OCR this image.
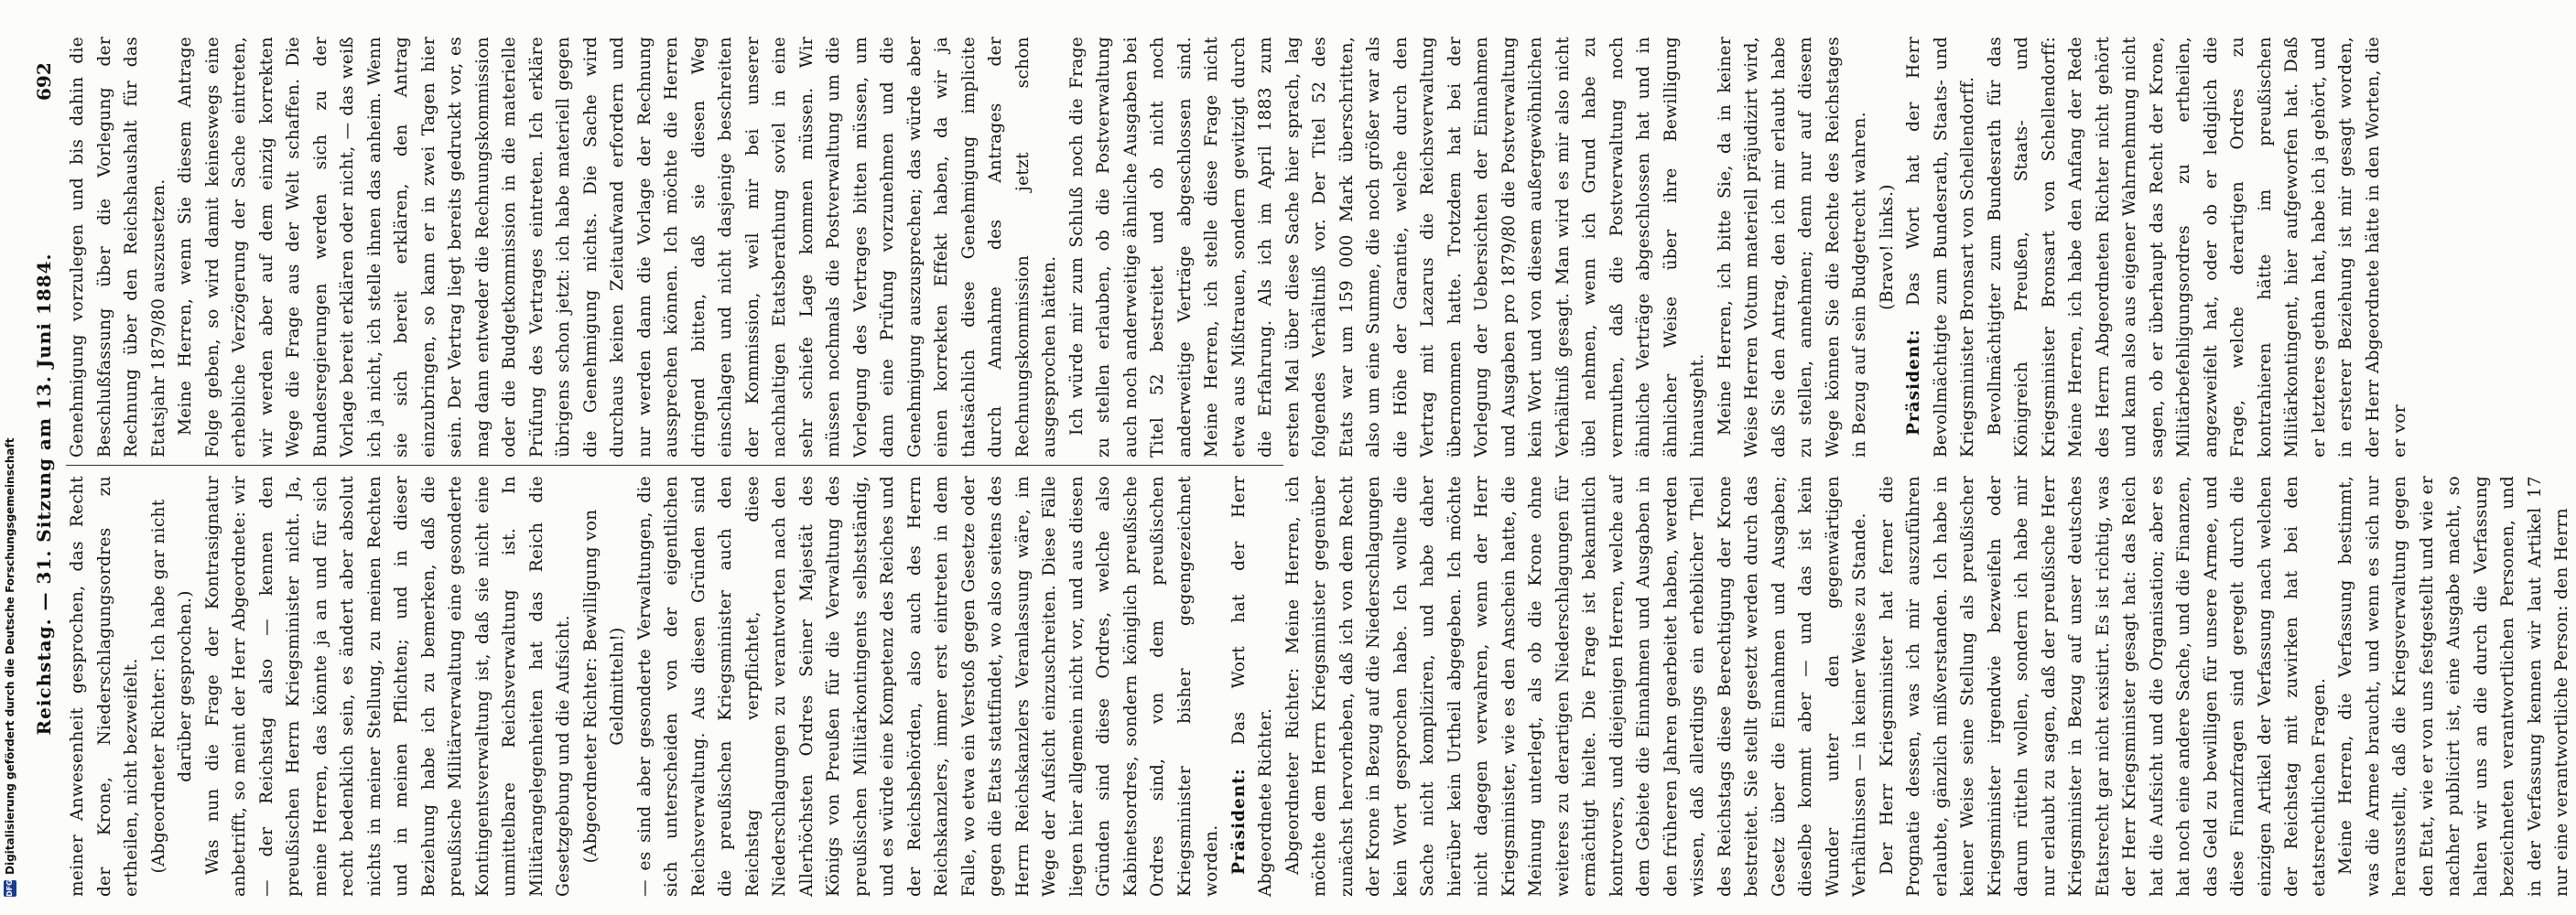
DFG
Digitalisierung gefördert durch die Deutsche Forschungsgemeinschaft Reichstag. — 31. Sitzung am 13. Juni 1884.
692 Genehmigung vorzulegen und bis dahin die Beschlußfassung über die Vorlegung der Rechnung über den Reichshaushalt für das Etatsjahr 1879/80 auszusetzen. Meine Herren, wenn Sie diesem Antrage Folge geben, so wird damit keineswegs eine erhebliche Verzögerung der Sache eintreten, wir werden aber auf dem einzig korrekten Wege die Frage aus der Welt schaffen. Die Bundesregierungen werden sich zu der Vorlage bereit erklären oder nicht, — das weiß ich ja nicht, ich stelle ihnen das anheim. Wenn sie sich bereit erklären, den Antrag einzubringen, so kann er in zwei Tagen hier sein. Der Vertrag liegt bereits gedruckt vor, es mag dann entweder die Rechnungskommission oder die Budgetkommission in die materielle Prüfung des Vertrages eintreten. Ich erkläre übrigens schon jetzt: ich habe materiell gegen die Genehmigung nichts. Die Sache wird durchaus keinen Zeitaufwand erfordern und nur werden dann die Vorlage der Rechnung aussprechen können. Ich möchte die Herren dringend bitten, daß sie diesen Weg einschlagen und nicht dasjenige beschreiten der Kommission, weil mir bei unserer nachhaltigen Etatsberathung soviel in eine sehr schiefe Lage kommen müssen. Wir müssen nochmals die Postverwaltung um die Vorlegung des Vertrages bitten müssen, um dann eine Prüfung vorzunehmen und die Genehmigung auszusprechen; das würde aber einen korrekten Effekt haben, da wir ja thatsächlich diese Genehmigung implicite durch Annahme des Antrages der Rechnungskommission jetzt schon ausgesprochen hätten. Ich würde mir zum Schluß noch die Frage zu stellen erlauben, ob die Postverwaltung auch noch anderweitige ähnliche Ausgaben bei Titel 52 bestreitet und ob nicht noch anderweitige Verträge abgeschlossen sind. Meine Herren, ich stelle diese Frage nicht etwa aus Mißtrauen, sondern gewitzigt durch die Erfahrung. Als ich im April 1883 zum ersten Mal über diese Sache hier sprach, lag folgendes Verhältniß vor. Der Titel 52 des Etats war um 159 000 Mark überschritten, also um eine Summe, die noch größer war als die Höhe der Garantie, welche durch den Vertrag mit Lazarus die Reichsverwaltung übernommen hatte. Trotzdem hat bei der Vorlegung der Uebersichten der Einnahmen und Ausgaben pro 1879/80 die Postverwaltung kein Wort und von diesem außergewöhnlichen Verhältniß gesagt. Man wird es mir also nicht übel nehmen, wenn ich Grund habe zu vermuthen, daß die Postverwaltung noch ähnliche Verträge abgeschlossen hat und in ähnlicher Weise über ihre Bewilligung hinausgeht. Meine Herren, ich bitte Sie, da in keiner Weise Herren Votum materiell präjudizirt wird, daß Sie den Antrag, den ich mir erlaubt habe zu stellen, annehmen; denn nur auf diesem Wege können Sie die Rechte des Reichstages in Bezug auf sein Budgetrecht wahren. (Bravo! links.)

Präsident: Das Wort hat der Herr Bevollmächtigte zum Bundesrath, Staats- und Kriegsminister Bronsart von Schellendorff. Bevollmächtigter zum Bundesrath für das Königreich Preußen, Staats- und Kriegsminister Bronsart von Schellendorff: Meine Herren, ich habe den Anfang der Rede des Herrn Abgeordneten Richter nicht gehört und kann also aus eigener Wahrnehmung nicht sagen, ob er überhaupt das Recht der Krone, Militärbefehligungsordres zu ertheilen, angezweifelt hat, oder ob er lediglich die Frage, welche derartigen Ordres zu kontrahieren hätte im preußischen Militärkontingent, hier aufgeworfen hat. Daß er letzteres gethan hat, habe ich ja gehört, und in ersterer Beziehung ist mir gesagt worden, der Herr Abgeordnete hätte in den Worten, die er vor

meiner Anwesenheit gesprochen, das Recht der Krone, Niederschlagungsordres zu ertheilen, nicht bezweifelt. (Abgeordneter Richter: Ich habe gar nicht darüber gesprochen.) Was nun die Frage der Kontrasignatur anbetrifft, so meint der Herr Abgeordnete: wir — der Reichstag also — kennen den preußischen Herrn Kriegsminister nicht. Ja, meine Herren, das könnte ja an und für sich recht bedenklich sein, es ändert aber absolut nichts in meiner Stellung, zu meinen Rechten und in meinen Pflichten; und in dieser Beziehung habe ich zu bemerken, daß die preußische Militärverwaltung eine gesonderte Kontingentsverwaltung ist, daß sie nicht eine unmittelbare Reichsverwaltung ist. In Militärangelegenheiten hat das Reich die Gesetzgebung und die Aufsicht. (Abgeordneter Richter: Bewilligung von Geldmitteln!) — es sind aber gesonderte Verwaltungen, die sich unterscheiden von der eigentlichen Reichsverwaltung. Aus diesen Gründen sind die preußischen Kriegsminister auch den Reichstag verpflichtet, diese Niederschlagungen zu verantworten nach den Allerhöchsten Ordres Seiner Majestät des Königs von Preußen für die Verwaltung des preußischen Militärkontingents selbstständig, und es würde eine Kompetenz des Reiches und der Reichsbehörden, also auch des Herrn Reichskanzlers, immer erst eintreten in dem Falle, wo etwa ein Verstoß gegen Gesetze oder gegen die Etats stattfindet, wo also seitens des Herrn Reichskanzlers Veranlassung wäre, im Wege der Aufsicht einzuschreiten. Diese Fälle liegen hier allgemein nicht vor, und aus diesen Gründen sind diese Ordres, welche also Kabinetsordres, sondern königlich preußische Ordres sind, von dem preußischen Kriegsminister bisher gegengezeichnet worden. Präsident: Das Wort hat der Herr Abgeordnete Richter. Abgeordneter Richter: Meine Herren, ich möchte dem Herrn Kriegsminister gegenüber zunächst hervorheben, daß ich von dem Recht der Krone in Bezug auf die Niederschlagungen kein Wort gesprochen habe. Ich wollte die Sache nicht kompliziren, und habe daher hierüber kein Urtheil abgegeben. Ich möchte nicht dagegen verwahren, wenn der Herr Kriegsminister, wie es den Anschein hatte, die Meinung unterlegt, als ob die Krone ohne weiteres zu derartigen Niederschlagungen für ermächtigt hielte. Die Frage ist bekanntlich kontrovers, und diejenigen Herren, welche auf dem Gebiete die Einnahmen und Ausgaben in den früheren Jahren gearbeitet haben, werden wissen, daß allerdings ein erheblicher Theil des Reichstags diese Berechtigung der Krone bestreitet. Sie stellt gesetzt werden durch das Gesetz über die Einnahmen und Ausgaben; dieselbe kommt aber — und das ist kein Wunder unter den gegenwärtigen Verhältnissen — in keiner Weise zu Stande. Der Herr Kriegsminister hat ferner die Prognatie dessen, was ich mir auszuführen erlaubte, gänzlich mißverstanden. Ich habe in keiner Weise seine Stellung als preußischer Kriegsminister irgendwie bezweifeln oder darum rütteln wollen, sondern ich habe mir nur erlaubt zu sagen, daß der preußische Herr Kriegsminister in Bezug auf unser deutsches Etatsrecht gar nicht existirt. Es ist richtig, was der Herr Kriegsminister gesagt hat: das Reich hat die Aufsicht und die Organisation; aber es hat noch eine andere Sache, und die Finanzen, das Geld zu bewilligen für unsere Armee, und diese Finanzfragen sind geregelt durch die einzigen Artikel der Verfassung nach welchen der Reichstag mit zuwirken hat bei den etatsrechtlichen Fragen. Meine Herren, die Verfassung bestimmt, was die Armee braucht, und wenn es sich nur herausstellt, daß die Kriegsverwaltung gegen den Etat, wie er von uns festgestellt und wie er nachher publicirt ist, eine Ausgabe macht, so halten wir uns an die durch die Verfassung bezeichneten verantwortlichen Personen, und in der Verfassung kennen wir laut Artikel 17 nur eine verantwortliche Person: den Herrn
